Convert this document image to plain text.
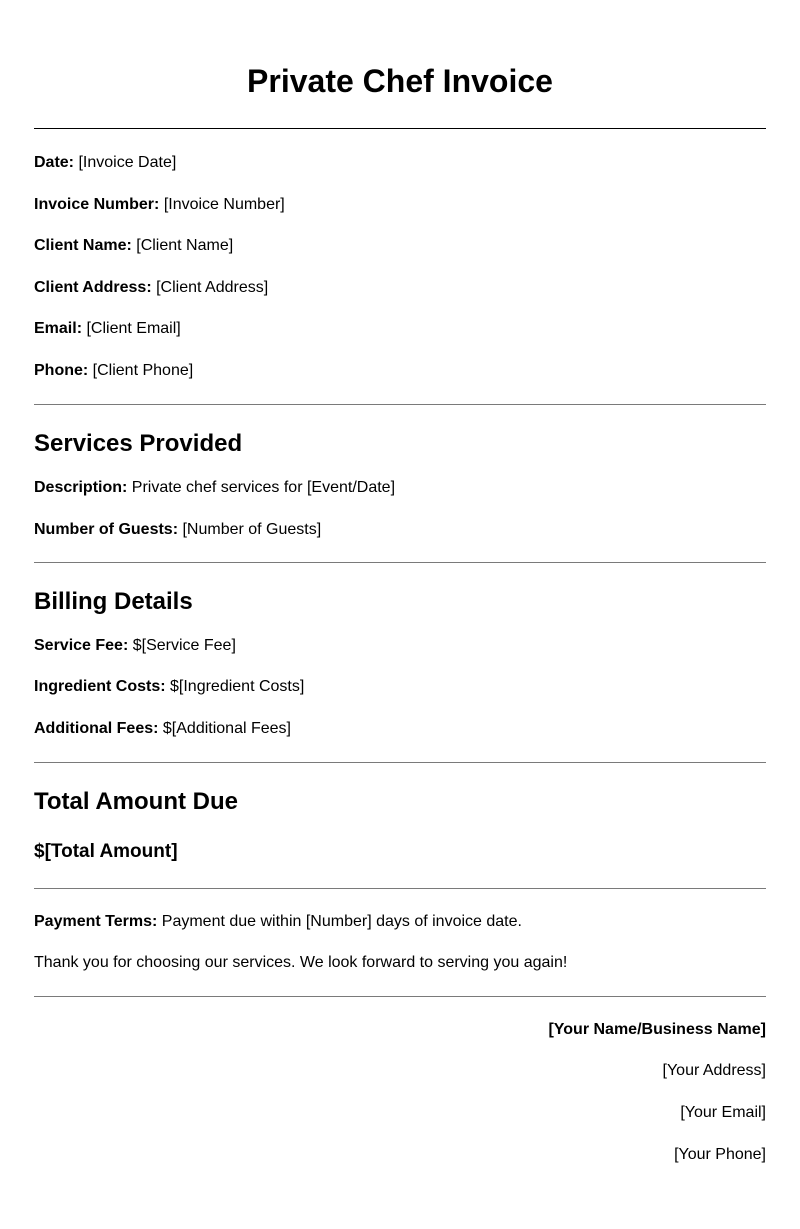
Private Chef Invoice

Date: [Invoice Date]

Invoice Number: [Invoice Number]

Client Name: [Client Name]

Client Address: [Client Address]

Email: [Client Email]

Phone: [Client Phone]

Services Provided

Description: Private chef services for [Event/Date]

Number of Guests: [Number of Guests]

Billing Details

Service Fee: $[Service Fee]

Ingredient Costs: $[Ingredient Costs]

Additional Fees: $[Additional Fees]

Total Amount Due

$[Total Amount]

Payment Terms: Payment due within [Number] days of invoice date.

Thank you for choosing our services. We look forward to serving you again!

[Your Name/Business Name]

[Your Address]

[Your Email]

[Your Phone]
